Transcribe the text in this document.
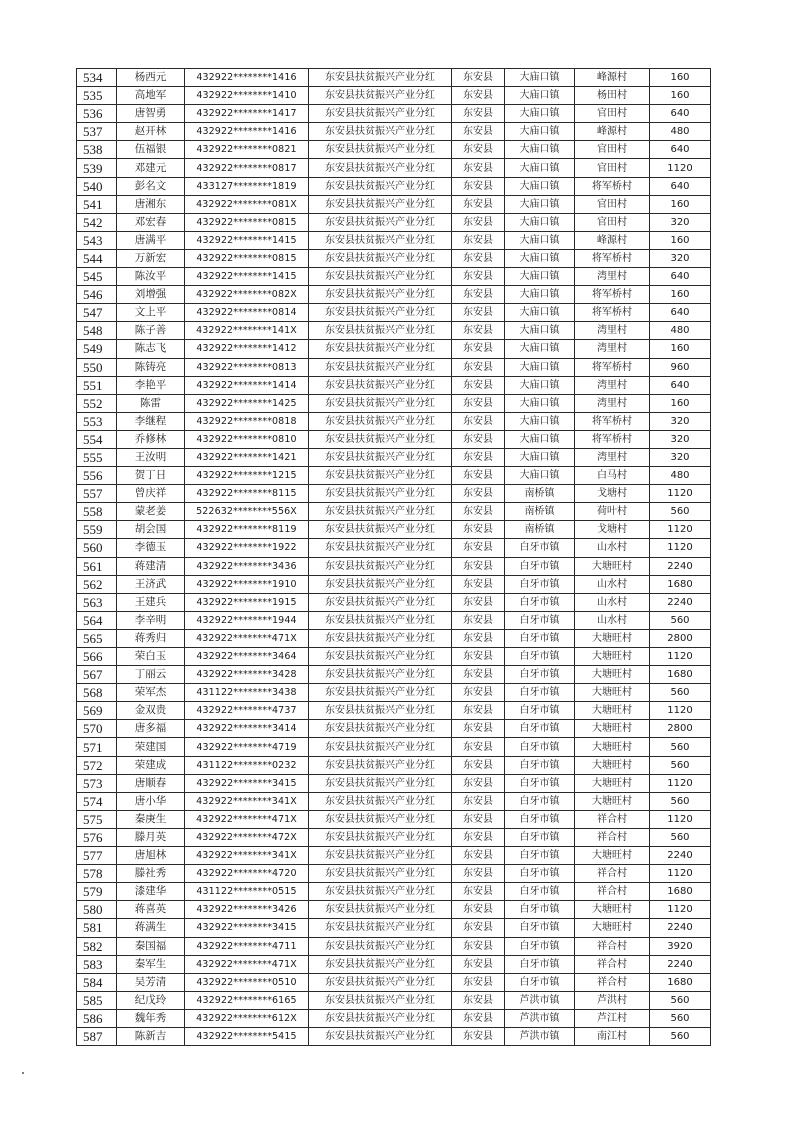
534	杨西元	432922********1416	东安县扶贫振兴产业分红	东安县	大庙口镇	峰源村	160
535	高地军	432922********1410	东安县扶贫振兴产业分红	东安县	大庙口镇	杨田村	160
536	唐智勇	432922********1417	东安县扶贫振兴产业分红	东安县	大庙口镇	官田村	640
537	赵开林	432922********1416	东安县扶贫振兴产业分红	东安县	大庙口镇	峰源村	480
538	伍福银	432922********0821	东安县扶贫振兴产业分红	东安县	大庙口镇	官田村	640
539	邓建元	432922********0817	东安县扶贫振兴产业分红	东安县	大庙口镇	官田村	1120
540	彭名文	433127********1819	东安县扶贫振兴产业分红	东安县	大庙口镇	将军桥村	640
541	唐湘东	432922********081X	东安县扶贫振兴产业分红	东安县	大庙口镇	官田村	160
542	邓宏春	432922********0815	东安县扶贫振兴产业分红	东安县	大庙口镇	官田村	320
543	唐满平	432922********1415	东安县扶贫振兴产业分红	东安县	大庙口镇	峰源村	160
544	万新宏	432922********0815	东安县扶贫振兴产业分红	东安县	大庙口镇	将军桥村	320
545	陈汝平	432922********1415	东安县扶贫振兴产业分红	东安县	大庙口镇	湾里村	640
546	刘增强	432922********082X	东安县扶贫振兴产业分红	东安县	大庙口镇	将军桥村	160
547	文上平	432922********0814	东安县扶贫振兴产业分红	东安县	大庙口镇	将军桥村	640
548	陈子善	432922********141X	东安县扶贫振兴产业分红	东安县	大庙口镇	湾里村	480
549	陈志飞	432922********1412	东安县扶贫振兴产业分红	东安县	大庙口镇	湾里村	160
550	陈铸亮	432922********0813	东安县扶贫振兴产业分红	东安县	大庙口镇	将军桥村	960
551	李艳平	432922********1414	东安县扶贫振兴产业分红	东安县	大庙口镇	湾里村	640
552	陈雷	432922********1425	东安县扶贫振兴产业分红	东安县	大庙口镇	湾里村	160
553	李继程	432922********0818	东安县扶贫振兴产业分红	东安县	大庙口镇	将军桥村	320
554	乔修林	432922********0810	东安县扶贫振兴产业分红	东安县	大庙口镇	将军桥村	320
555	王汝明	432922********1421	东安县扶贫振兴产业分红	东安县	大庙口镇	湾里村	320
556	贺丁日	432922********1215	东安县扶贫振兴产业分红	东安县	大庙口镇	白马村	480
557	曾庆祥	432922********8115	东安县扶贫振兴产业分红	东安县	南桥镇	戈塘村	1120
558	蒙老姜	522632********556X	东安县扶贫振兴产业分红	东安县	南桥镇	荷叶村	560
559	胡会国	432922********8119	东安县扶贫振兴产业分红	东安县	南桥镇	戈塘村	1120
560	李德玉	432922********1922	东安县扶贫振兴产业分红	东安县	白牙市镇	山水村	1120
561	蒋建清	432922********3436	东安县扶贫振兴产业分红	东安县	白牙市镇	大塘旺村	2240
562	王济武	432922********1910	东安县扶贫振兴产业分红	东安县	白牙市镇	山水村	1680
563	王建兵	432922********1915	东安县扶贫振兴产业分红	东安县	白牙市镇	山水村	2240
564	李辛明	432922********1944	东安县扶贫振兴产业分红	东安县	白牙市镇	山水村	560
565	蒋秀归	432922********471X	东安县扶贫振兴产业分红	东安县	白牙市镇	大塘旺村	2800
566	荣白玉	432922********3464	东安县扶贫振兴产业分红	东安县	白牙市镇	大塘旺村	1120
567	丁丽云	432922********3428	东安县扶贫振兴产业分红	东安县	白牙市镇	大塘旺村	1680
568	荣军杰	431122********3438	东安县扶贫振兴产业分红	东安县	白牙市镇	大塘旺村	560
569	金双贵	432922********4737	东安县扶贫振兴产业分红	东安县	白牙市镇	大塘旺村	1120
570	唐多福	432922********3414	东安县扶贫振兴产业分红	东安县	白牙市镇	大塘旺村	2800
571	荣建国	432922********4719	东安县扶贫振兴产业分红	东安县	白牙市镇	大塘旺村	560
572	荣建成	431122********0232	东安县扶贫振兴产业分红	东安县	白牙市镇	大塘旺村	560
573	唐顺春	432922********3415	东安县扶贫振兴产业分红	东安县	白牙市镇	大塘旺村	1120
574	唐小华	432922********341X	东安县扶贫振兴产业分红	东安县	白牙市镇	大塘旺村	560
575	秦庚生	432922********471X	东安县扶贫振兴产业分红	东安县	白牙市镇	祥合村	1120
576	滕月英	432922********472X	东安县扶贫振兴产业分红	东安县	白牙市镇	祥合村	560
577	唐旭林	432922********341X	东安县扶贫振兴产业分红	东安县	白牙市镇	大塘旺村	2240
578	滕社秀	432922********4720	东安县扶贫振兴产业分红	东安县	白牙市镇	祥合村	1120
579	漆建华	431122********0515	东安县扶贫振兴产业分红	东安县	白牙市镇	祥合村	1680
580	蒋喜英	432922********3426	东安县扶贫振兴产业分红	东安县	白牙市镇	大塘旺村	1120
581	蒋满生	432922********3415	东安县扶贫振兴产业分红	东安县	白牙市镇	大塘旺村	2240
582	秦国福	432922********4711	东安县扶贫振兴产业分红	东安县	白牙市镇	祥合村	3920
583	秦军生	432922********471X	东安县扶贫振兴产业分红	东安县	白牙市镇	祥合村	2240
584	吴芳清	432922********0510	东安县扶贫振兴产业分红	东安县	白牙市镇	祥合村	1680
585	纪戊玲	432922********6165	东安县扶贫振兴产业分红	东安县	芦洪市镇	芦洪村	560
586	魏年秀	432922********612X	东安县扶贫振兴产业分红	东安县	芦洪市镇	芦江村	560
587	陈新吉	432922********5415	东安县扶贫振兴产业分红	东安县	芦洪市镇	南江村	560
